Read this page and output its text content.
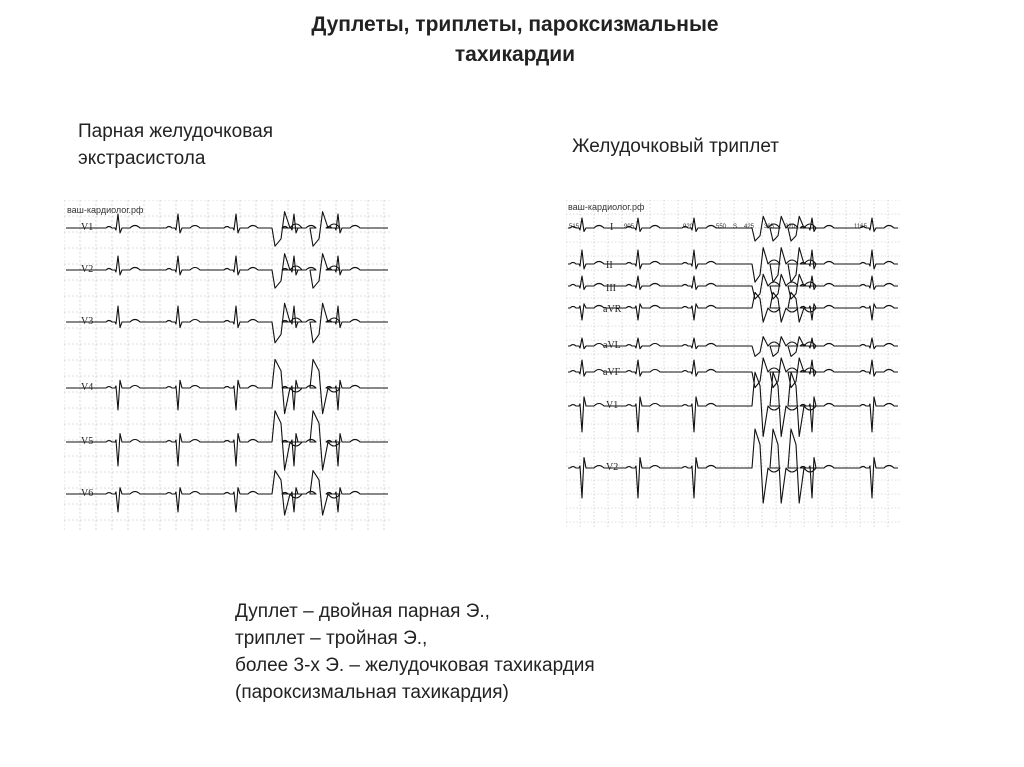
Дуплеты, триплеты, пароксизмальные
тахикардии
Парная желудочковая
экстрасистола
Желудочковый триплет
ваш-кардиолог.рф
V1
V2
V3
V4
V5
V6
ваш-кардиолог.рф
515	905	920	550 S 425 385 320	1165
I
II
III
aVR
aVL
aVF
V1
V2
Дуплет – двойная парная Э.,
триплет – тройная Э.,
более 3-х Э. – желудочковая тахикардия
(пароксизмальная тахикардия)
